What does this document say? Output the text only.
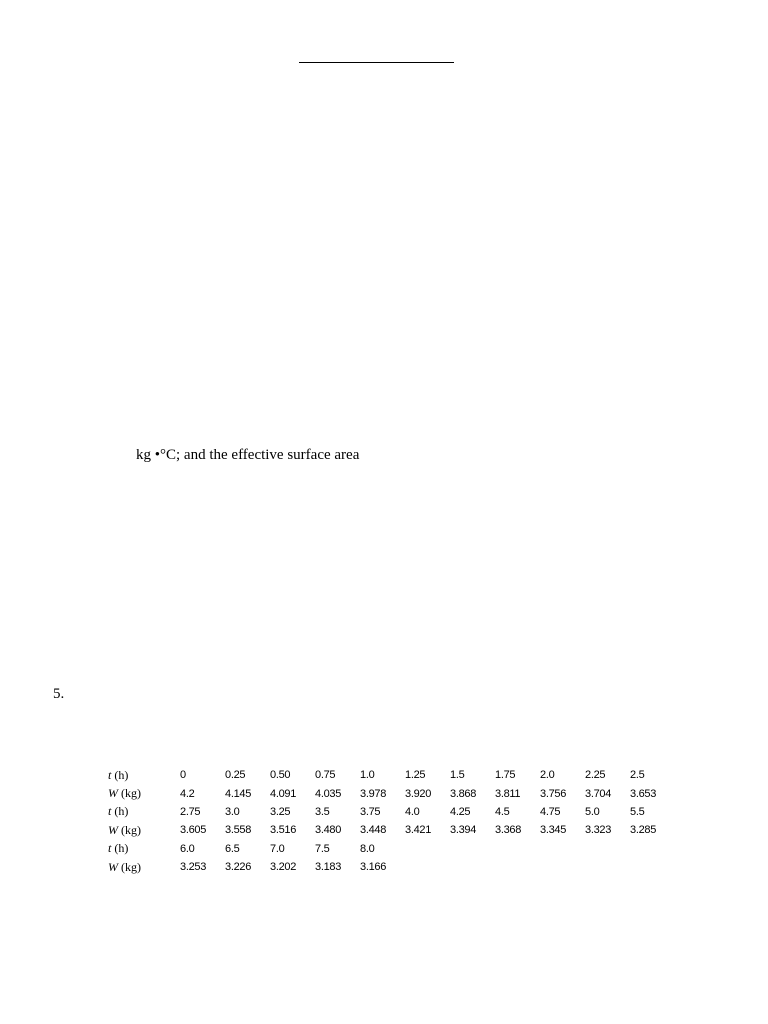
kg •°C; and the effective surface area
5.
t (h)	0	0.25	0.50	0.75	1.0	1.25	1.5	1.75	2.0	2.25	2.5
W (kg)	4.2	4.145	4.091	4.035	3.978	3.920	3.868	3.811	3.756	3.704	3.653
t (h)	2.75	3.0	3.25	3.5	3.75	4.0	4.25	4.5	4.75	5.0	5.5
W (kg)	3.605	3.558	3.516	3.480	3.448	3.421	3.394	3.368	3.345	3.323	3.285
t (h)	6.0	6.5	7.0	7.5	8.0						
W (kg)	3.253	3.226	3.202	3.183	3.166						
